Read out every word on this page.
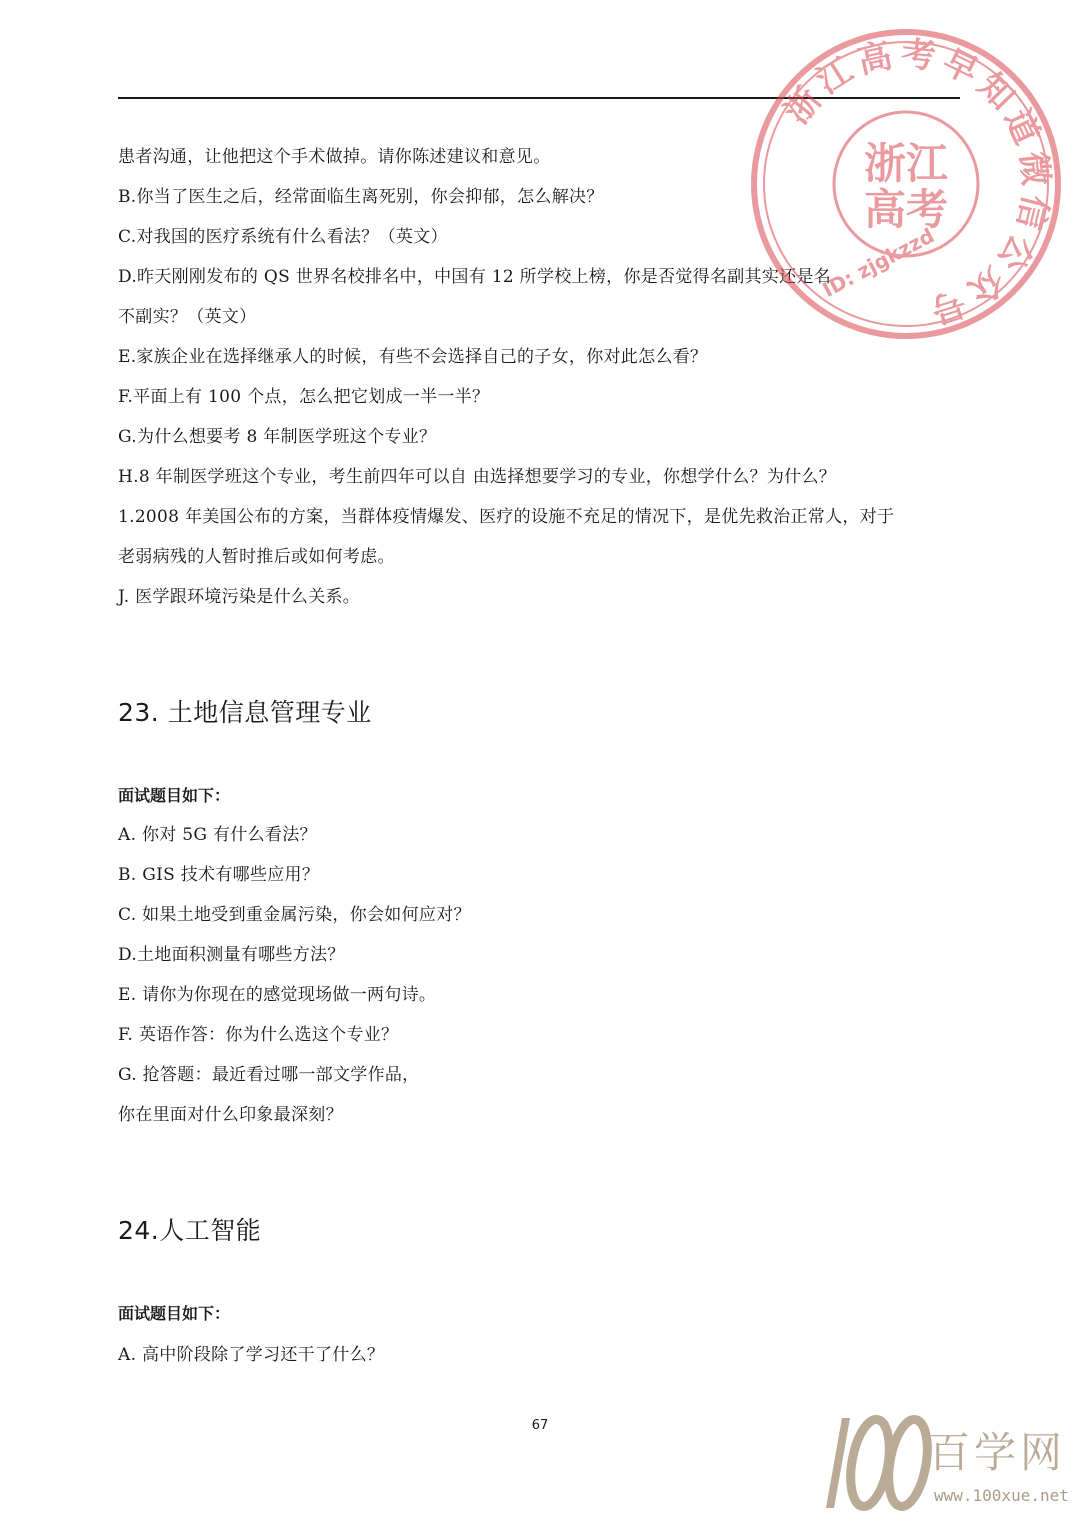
患者沟通，让他把这个手术做掉。请你陈述建议和意见。
B.你当了医生之后，经常面临生离死别，你会抑郁，怎么解决？
C.对我国的医疗系统有什么看法？（英文）
D.昨天刚刚发布的 QS 世界名校排名中，中国有 12 所学校上榜，你是否觉得名副其实还是名
不副实？（英文）
E.家族企业在选择继承人的时候，有些不会选择自己的子女，你对此怎么看？
F.平面上有 100 个点，怎么把它划成一半一半？
G.为什么想要考 8 年制医学班这个专业？
H.8 年制医学班这个专业，考生前四年可以自 由选择想要学习的专业，你想学什么？为什么？
1.2008 年美国公布的方案，当群体疫情爆发、医疗的设施不充足的情况下，是优先救治正常人，对于
老弱病残的人暂时推后或如何考虑。
J. 医学跟环境污染是什么关系。
23. 土地信息管理专业
面试题目如下：
A. 你对 5G 有什么看法？
B. GIS 技术有哪些应用？
C. 如果土地受到重金属污染，你会如何应对？
D.土地面积测量有哪些方法？
E. 请你为你现在的感觉现场做一两句诗。
F. 英语作答：你为什么选这个专业？
G. 抢答题：最近看过哪一部文学作品，
你在里面对什么印象最深刻？
24.人工智能
面试题目如下：
A. 高中阶段除了学习还干了什么？
67
浙江高考早知道微信公众号
浙江
高考
ID: zjgkzzd
百学网
www.100xue.net
